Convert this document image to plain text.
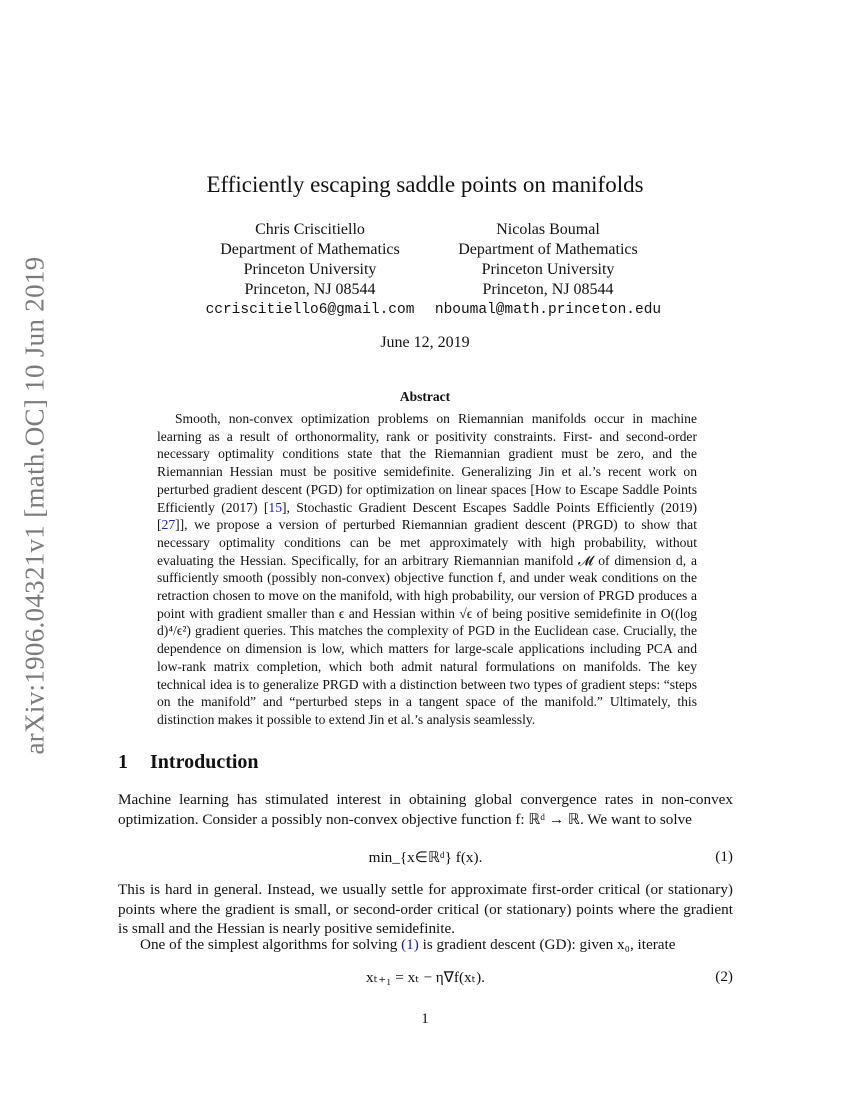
arXiv:1906.04321v1 [math.OC] 10 Jun 2019
Efficiently escaping saddle points on manifolds
Chris Criscitiello
Department of Mathematics
Princeton University
Princeton, NJ 08544
ccriscitiello6@gmail.com
Nicolas Boumal
Department of Mathematics
Princeton University
Princeton, NJ 08544
nboumal@math.princeton.edu
June 12, 2019
Abstract

Smooth, non-convex optimization problems on Riemannian manifolds occur in machine learning as a result of orthonormality, rank or positivity constraints. First- and second-order necessary optimality conditions state that the Riemannian gradient must be zero, and the Riemannian Hessian must be positive semidefinite. Generalizing Jin et al.’s recent work on perturbed gradient descent (PGD) for optimization on linear spaces [How to Escape Saddle Points Efficiently (2017) [15], Stochastic Gradient Descent Escapes Saddle Points Efficiently (2019) [27]], we propose a version of perturbed Riemannian gradient descent (PRGD) to show that necessary optimality conditions can be met approximately with high probability, without evaluating the Hessian. Specifically, for an arbitrary Riemannian manifold 𝓜 of dimension d, a sufficiently smooth (possibly non-convex) objective function f, and under weak conditions on the retraction chosen to move on the manifold, with high probability, our version of PRGD produces a point with gradient smaller than ϵ and Hessian within √ϵ of being positive semidefinite in O((log d)⁴/ϵ²) gradient queries. This matches the complexity of PGD in the Euclidean case. Crucially, the dependence on dimension is low, which matters for large-scale applications including PCA and low-rank matrix completion, which both admit natural formulations on manifolds. The key technical idea is to generalize PRGD with a distinction between two types of gradient steps: “steps on the manifold” and “perturbed steps in a tangent space of the manifold.” Ultimately, this distinction makes it possible to extend Jin et al.’s analysis seamlessly.

1 Introduction

Machine learning has stimulated interest in obtaining global convergence rates in non-convex optimization. Consider a possibly non-convex objective function f: ℝᵈ → ℝ. We want to solve

min_{x∈ℝᵈ} f(x).	(1)

This is hard in general. Instead, we usually settle for approximate first-order critical (or stationary) points where the gradient is small, or second-order critical (or stationary) points where the gradient is small and the Hessian is nearly positive semidefinite.

One of the simplest algorithms for solving (1) is gradient descent (GD): given x₀, iterate

xₜ₊₁ = xₜ − η∇f(xₜ).	(2)
1
